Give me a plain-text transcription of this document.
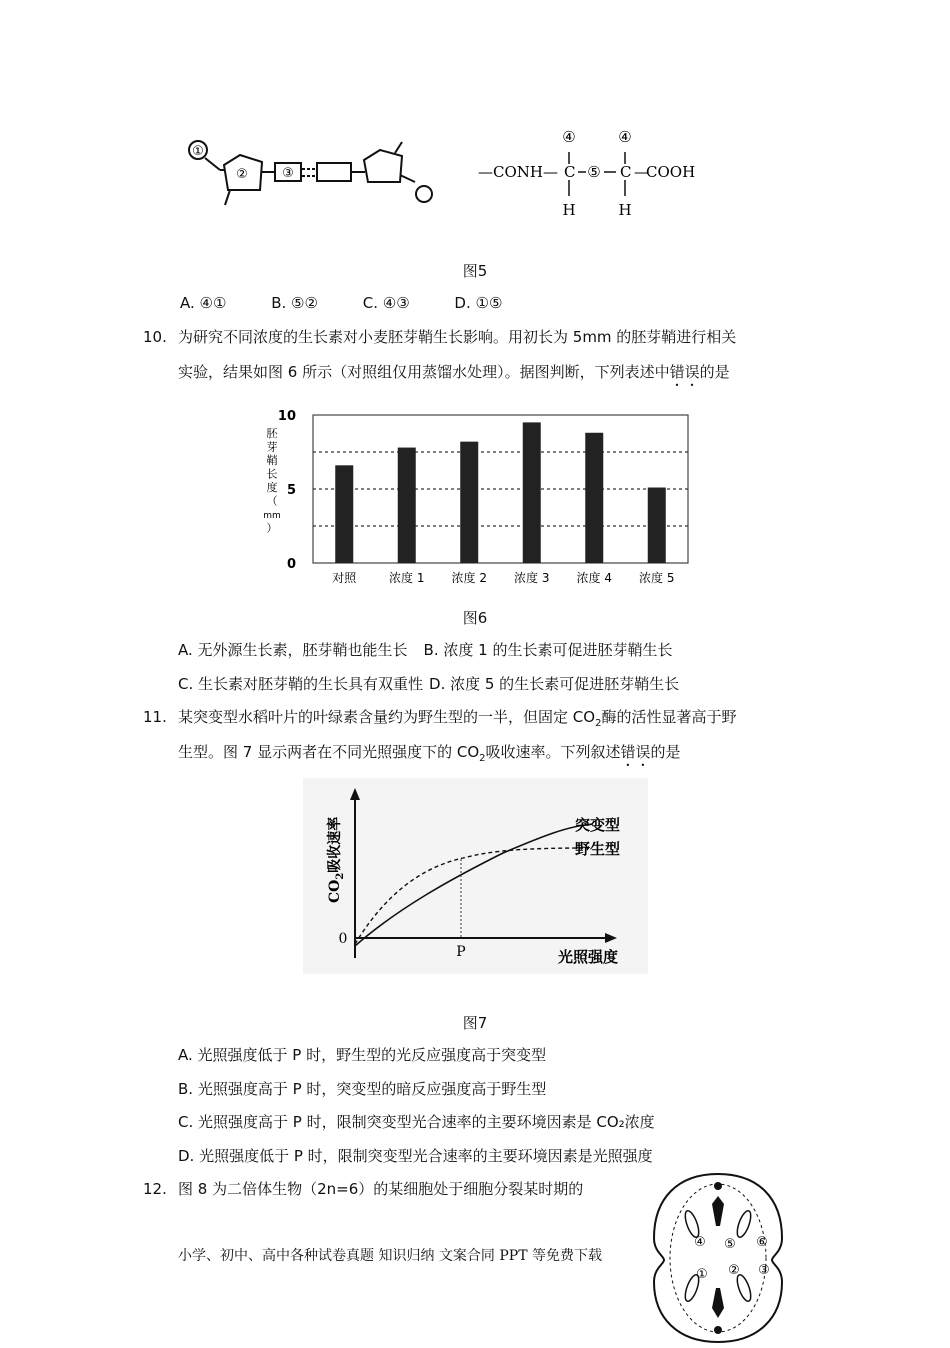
①
②	③	—CONH— C
④
H
⑤ C
④
H
—
COOH
图5
A. ④①	B. ⑤②	C. ④③	D. ①⑤
10. 为研究不同浓度的生长素对小麦胚芽鞘生长影响。用初长为 5mm 的胚芽鞘进行相关
实验，结果如图 6 所示（对照组仅用蒸馏水处理）。据图判断，下列表述中错误的是
0
5
10
对照	浓度 1 浓度 2 浓度 3 浓度 4 浓度 5
胚
芽
鞘
长
度
（
mm
）
图6
A. 无外源生长素，胚芽鞘也能生长 B. 浓度 1 的生长素可促进胚芽鞘生长
C. 生长素对胚芽鞘的生长具有双重性 D. 浓度 5 的生长素可促进胚芽鞘生长
11. 某突变型水稻叶片的叶绿素含量约为野生型的一半，但固定 $CO_2$酶的活性显著高于野
生型。图 7 显示两者在不同光照强度下的 $CO_2$吸收速率。下列叙述错误的是
0
P	光照强度
突变型
野生型
$CO_2$吸收速率
图7
A. 光照强度低于 P 时，野生型的光反应强度高于突变型
B. 光照强度高于 P 时，突变型的暗反应强度高于野生型
C. 光照强度高于 P 时，限制突变型光合速率的主要环境因素是 CO₂浓度
D. 光照强度低于 P 时，限制突变型光合速率的主要环境因素是光照强度
12. 图 8 为二倍体生物（2n=6）的某细胞处于细胞分裂某时期的
小学、初中、高中各种试卷真题 知识归纳 文案合同 PPT 等免费下载
④ ⑤ ⑥
① ② ③
